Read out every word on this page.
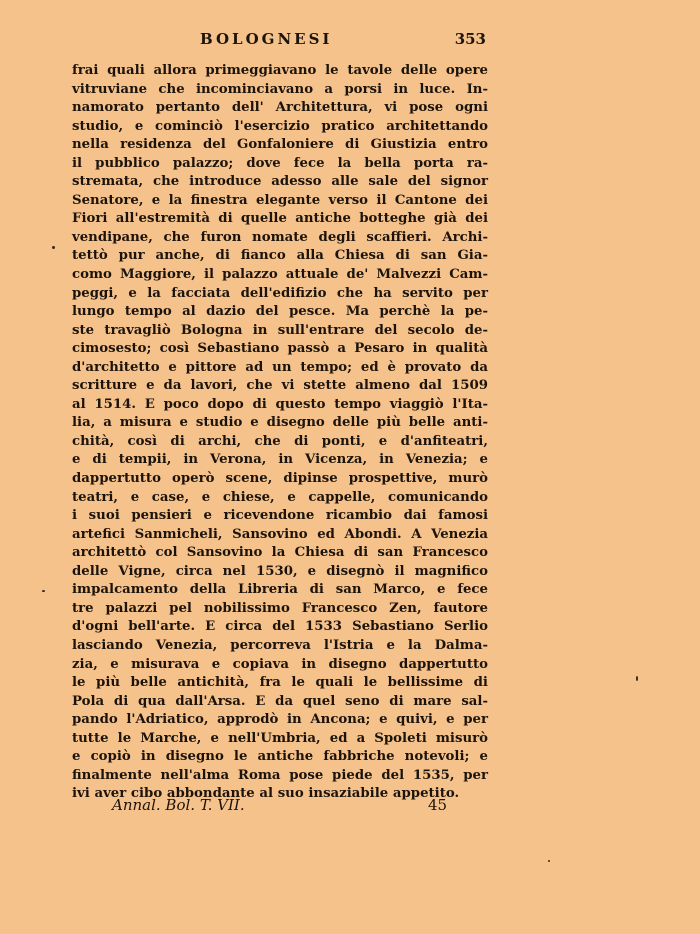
BOLOGNESI	353
frai quali allora primeggiavano le tavole delle opere
vitruviane che incominciavano a porsi in luce. In-
namorato pertanto dell' Architettura, vi pose ogni
studio, e cominciò l'esercizio pratico architettando
nella residenza del Gonfaloniere di Giustizia entro
il pubblico palazzo; dove fece la bella porta ra-
stremata, che introduce adesso alle sale del signor
Senatore, e la finestra elegante verso il Cantone dei
Fiori all'estremità di quelle antiche botteghe già dei
vendipane, che furon nomate degli scaffieri. Archi-
tettò pur anche, di fianco alla Chiesa di san Gia-
como Maggiore, il palazzo attuale de' Malvezzi Cam-
peggi, e la facciata dell'edifizio che ha servito per
lungo tempo al dazio del pesce. Ma perchè la pe-
ste travagliò Bologna in sull'entrare del secolo de-
cimosesto; così Sebastiano passò a Pesaro in qualità
d'architetto e pittore ad un tempo; ed è provato da
scritture e da lavori, che vi stette almeno dal 1509
al 1514. E poco dopo di questo tempo viaggiò l'Ita-
lia, a misura e studio e disegno delle più belle anti-
chità, così di archi, che di ponti, e d'anfiteatri,
e di tempii, in Verona, in Vicenza, in Venezia; e
dappertutto operò scene, dipinse prospettive, murò
teatri, e case, e chiese, e cappelle, comunicando
i suoi pensieri e ricevendone ricambio dai famosi
artefici Sanmicheli, Sansovino ed Abondi. A Venezia
architettò col Sansovino la Chiesa di san Francesco
delle Vigne, circa nel 1530, e disegnò il magnifico
impalcamento della Libreria di san Marco, e fece
tre palazzi pel nobilissimo Francesco Zen, fautore
d'ogni bell'arte. E circa del 1533 Sebastiano Serlio
lasciando Venezia, percorreva l'Istria e la Dalma-
zia, e misurava e copiava in disegno dappertutto
le più belle antichità, fra le quali le bellissime di
Pola di qua dall'Arsa. E da quel seno di mare sal-
pando l'Adriatico, approdò in Ancona; e quivi, e per
tutte le Marche, e nell'Umbria, ed a Spoleti misurò
e copiò in disegno le antiche fabbriche notevoli; e
finalmente nell'alma Roma pose piede del 1535, per
ivi aver cibo abbondante al suo insaziabile appetito.
Annal. Bol. T. VII.	45
